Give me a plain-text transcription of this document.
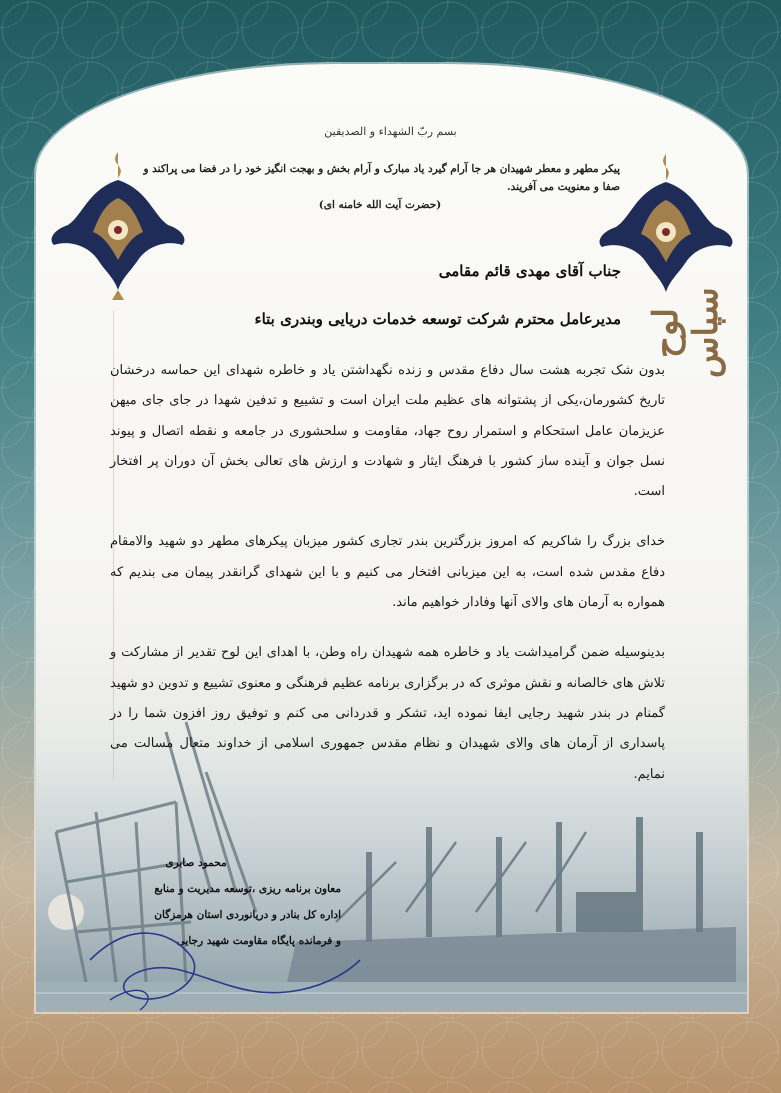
لوح سپاس
بسم ربّ الشهداء و الصدیقین
پیکر مطهر و معطر شهیدان هر جا آرام گیرد یاد مبارک و آرام بخش و بهجت انگیز خود را در فضا می پراکند و صفا و معنویت می آفریند.
(حضرت آیت الله خامنه ای)
جناب آقای مهدی قائم مقامی
مدیرعامل محترم شرکت توسعه خدمات دریایی وبندری بتاء

بدون شک تجربه هشت سال دفاع مقدس و زنده نگهداشتن یاد و خاطره شهدای این حماسه درخشان تاریخ کشورمان،یکی از پشتوانه های عظیم ملت ایران است و تشییع و تدفین شهدا در جای جای میهن عزیزمان عامل استحکام و استمرار روح جهاد، مقاومت و سلحشوری در جامعه و نقطه اتصال و پیوند نسل جوان و آینده ساز کشور با فرهنگ ایثار و شهادت و ارزش های تعالی بخش آن دوران پر افتخار است.

خدای بزرگ را شاکریم که امروز بزرگترین بندر تجاری کشور میزبان پیکرهای مطهر دو شهید والامقام دفاع مقدس شده است، به این میزبانی افتخار می کنیم و با این شهدای گرانقدر پیمان می بندیم که همواره به آرمان های والای آنها وفادار خواهیم ماند.

بدینوسیله ضمن گرامیداشت یاد و خاطره همه شهیدان راه وطن، با اهدای این لوح تقدیر از مشارکت و تلاش های خالصانه و نقش موثری که در برگزاری برنامه عظیم فرهنگی و معنوی تشییع و تدوین دو شهید گمنام در بندر شهید رجایی ایفا نموده اید، تشکر و قدردانی می کنم و توفیق روز افزون شما را در پاسداری از آرمان های والای شهیدان و نظام مقدس جمهوری اسلامی از خداوند متعال مسالت می نمایم.

محمود صابری
معاون برنامه ریزی ،توسعه مدیریت و منابع
اداره کل بنادر و دریانوردی استان هرمزگان
و فرمانده پایگاه مقاومت شهید رجایی
